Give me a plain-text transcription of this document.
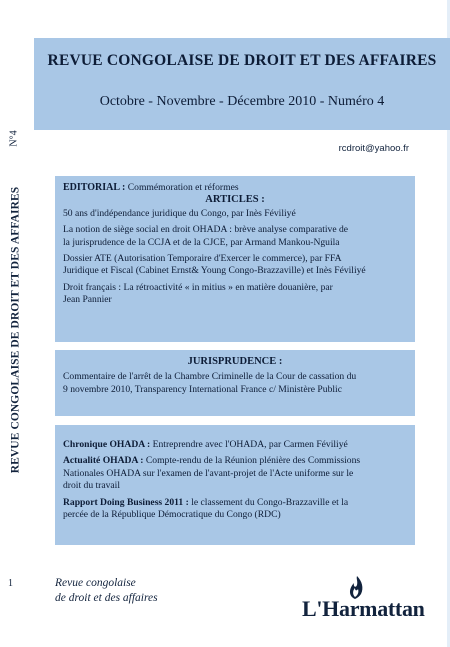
N°4
REVUE CONGOLAISE DE DROIT ET DES AFFAIRES
REVUE CONGOLAISE DE DROIT ET DES AFFAIRES
Octobre - Novembre - Décembre 2010 - Numéro 4
rcdroit@yahoo.fr
EDITORIAL : Commémoration et réformes
ARTICLES :
50 ans d'indépendance juridique du Congo, par Inès Féviliyé
La notion de siège social en droit OHADA : brève analyse comparative de
la jurisprudence de la CCJA et de la CJCE, par Armand Mankou-Nguila
Dossier ATE (Autorisation Temporaire d'Exercer le commerce), par FFA
Juridique et Fiscal (Cabinet Ernst& Young Congo-Brazzaville) et Inès Féviliyé
Droit français : La rétroactivité « in mitius » en matière douanière, par
Jean Pannier
JURISPRUDENCE :
Commentaire de l'arrêt de la Chambre Criminelle de la Cour de cassation du
9 novembre 2010, Transparency International France c/ Ministère Public
Chronique OHADA : Entreprendre avec l'OHADA, par Carmen Féviliyé
Actualité OHADA : Compte-rendu de la Réunion plénière des Commissions
Nationales OHADA sur l'examen de l'avant-projet de l'Acte uniforme sur le
droit du travail
Rapport Doing Business 2011 : le classement du Congo-Brazzaville et la
percée de la République Démocratique du Congo (RDC)
1	Revue congolaise
de droit et des affaires	L'Harmattan
